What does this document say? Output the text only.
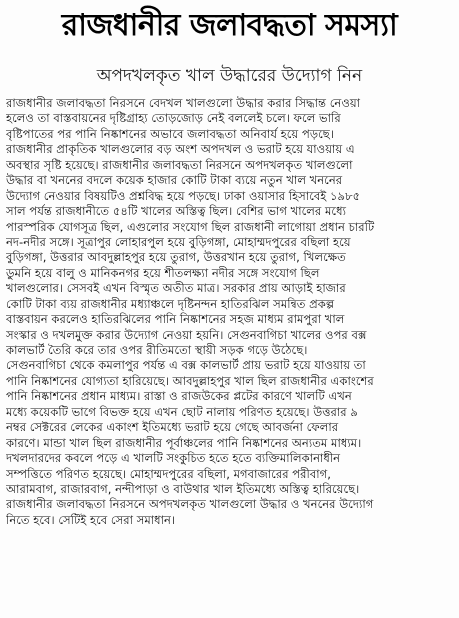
রাজধানীর জলাবদ্ধতা সমস্যা
অপদখলকৃত খাল উদ্ধারের উদ্যোগ নিন
রাজধানীর জলাবদ্ধতা নিরসনে বেদখল খালগুলো উদ্ধার করার সিদ্ধান্ত নেওয়া
হলেও তা বাস্তবায়নের দৃষ্টিগ্রাহ্য তোড়জোড় নেই বললেই চলে। ফলে ভারি
বৃষ্টিপাতের পর পানি নিষ্কাশনের অভাবে জলাবদ্ধতা অনিবার্য হয়ে পড়ছে।
রাজধানীর প্রাকৃতিক খালগুলোর বড় অংশ অপদখল ও ভরাট হয়ে যাওয়ায় এ
অবস্থার সৃষ্টি হয়েছে। রাজধানীর জলাবদ্ধতা নিরসনে অপদখলকৃত খালগুলো
উদ্ধার বা খননের বদলে কয়েক হাজার কোটি টাকা ব্যয়ে নতুন খাল খননের
উদ্যোগ নেওয়ার বিষয়টিও প্রশ্নবিদ্ধ হয়ে পড়ছে। ঢাকা ওয়াসার হিসাবেই ১৯৮৫
সাল পর্যন্ত রাজধানীতে ৫৪টি খালের অস্তিত্ব ছিল। বেশির ভাগ খালের মধ্যে
পারস্পরিক যোগসূত্র ছিল, এগুলোর সংযোগ ছিল রাজধানী লাগোয়া প্রধান চারটি
নদ-নদীর সঙ্গে। সূত্রাপুর লোহারপুল হয়ে বুড়িগঙ্গা, মোহাম্মদপুরের বছিলা হয়ে
বুড়িগঙ্গা, উত্তরার আবদুল্লাহপুর হয়ে তুরাগ, উত্তরখান হয়ে তুরাগ, খিলক্ষেত
ডুমনি হয়ে বালু ও মানিকনগর হয়ে শীতলক্ষ্যা নদীর সঙ্গে সংযোগ ছিল
খালগুলোর। সেসবই এখন বিস্মৃত অতীত মাত্র। সরকার প্রায় আড়াই হাজার
কোটি টাকা ব্যয় রাজধানীর মধ্যাঞ্চলে দৃষ্টিনন্দন হাতিরঝিল সমন্বিত প্রকল্প
বাস্তবায়ন করলেও হাতিরঝিলের পানি নিষ্কাশনের সহজ মাধ্যম রামপুরা খাল
সংস্কার ও দখলমুক্ত করার উদ্যোগ নেওয়া হয়নি। সেগুনবাগিচা খালের ওপর বক্স
কালভার্ট তৈরি করে তার ওপর রীতিমতো স্থায়ী সড়ক গড়ে উঠেছে।
সেগুনবাগিচা থেকে কমলাপুর পর্যন্ত এ বক্স কালভার্ট প্রায় ভরাট হয়ে যাওয়ায় তা
পানি নিষ্কাশনের যোগ্যতা হারিয়েছে। আবদুল্লাহপুর খাল ছিল রাজধানীর একাংশের
পানি নিষ্কাশনের প্রধান মাধ্যম। রাস্তা ও রাজউকের প্লটের কারণে খালটি এখন
মধ্যে কয়েকটি ভাগে বিভক্ত হয়ে এখন ছোট নালায় পরিণত হয়েছে। উত্তরার ৯
নম্বর সেক্টরের লেকের একাংশ ইতিমধ্যে ভরাট হয়ে গেছে আবর্জনা ফেলার
কারণে। মান্ডা খাল ছিল রাজধানীর পূর্বাঞ্চলের পানি নিষ্কাশনের অন্যতম মাধ্যম।
দখলদারদের কবলে পড়ে এ খালটি সংকুচিত হতে হতে ব্যক্তিমালিকানাধীন
সম্পত্তিতে পরিণত হয়েছে। মোহাম্মদপুরের বছিলা, মগবাজারের পরীবাগ,
আরামবাগ, রাজারবাগ, নন্দীপাড়া ও বাউথার খাল ইতিমধ্যে অস্তিত্ব হারিয়েছে।
রাজধানীর জলাবদ্ধতা নিরসনে অপদখলকৃত খালগুলো উদ্ধার ও খননের উদ্যোগ
নিতে হবে। সেটিই হবে সেরা সমাধান।
